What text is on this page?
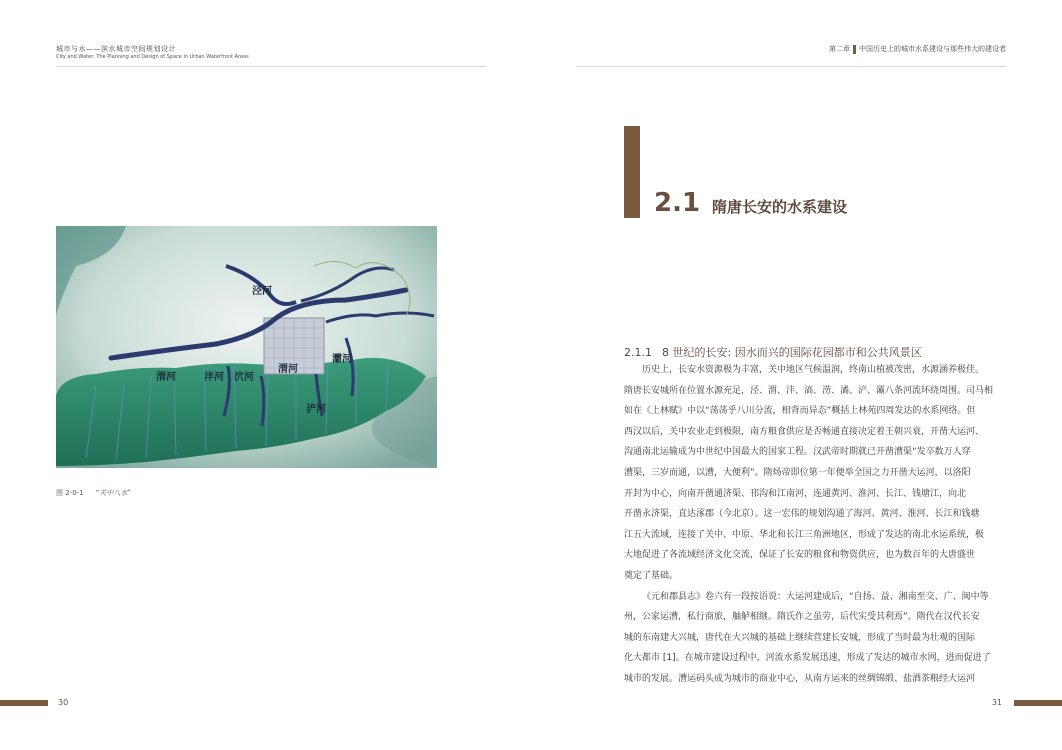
城市与水——滨水城市空间规划设计
City and Water: The Planning and Design of Space in Urban Waterfront Areas
第二章 中国历史上的城市水系建设与那些伟大的建设者
2.1 隋唐长安的水系建设
泾河
渭河	沣河 泬河
灞河
浐河
渭河
图 2-0-1 “关中八水”
2.1.1 8 世纪的长安: 因水而兴的国际花园都市和公共风景区

历史上，长安水资源极为丰富，关中地区气候温润，终南山植被茂密，水源涵养极佳。
隋唐长安城所在位置水源充足，泾、渭、沣、滈、涝、潏、浐、灞八条河流环绕周围。司马相
如在《上林赋》中以“荡荡乎八川分流，相背而异态”概括上林苑四周发达的水系网络。但
西汉以后，关中农业走到极限，南方粮食供应是否畅通直接决定着王朝兴衰，开凿大运河、
沟通南北运输成为中世纪中国最大的国家工程。汉武帝时期就已开凿漕渠“发卒数万人穿
漕渠，三岁而通，以漕，大便利”。隋炀帝即位第一年便举全国之力开凿大运河，以洛阳
开封为中心，向南开凿通济渠、邗沟和江南河，连通黄河、淮河、长江、钱塘江，向北
开凿永济渠，直达涿郡（今北京）。这一宏伟的规划沟通了海河、黄河、淮河、长江和钱塘
江五大流域，连接了关中、中原、华北和长江三角洲地区，形成了发达的南北水运系统，极
大地促进了各流域经济文化交流，保证了长安的粮食和物资供应，也为数百年的大唐盛世
奠定了基础。
《元和郡县志》卷六有一段按语说：大运河建成后，“自扬、益、湘南至交、广、闽中等
州，公家运漕，私行商旅，舳舻相继。隋氏作之虽劳，后代实受其利焉”。隋代在汉代长安
城的东南建大兴城，唐代在大兴城的基础上继续营建长安城，形成了当时最为壮观的国际
化大都市 [1]。在城市建设过程中，河流水系发展迅速，形成了发达的城市水网，进而促进了
城市的发展。漕运码头成为城市的商业中心，从南方运来的丝绸锦缎、盐酒茶粮经大运河

30	31
